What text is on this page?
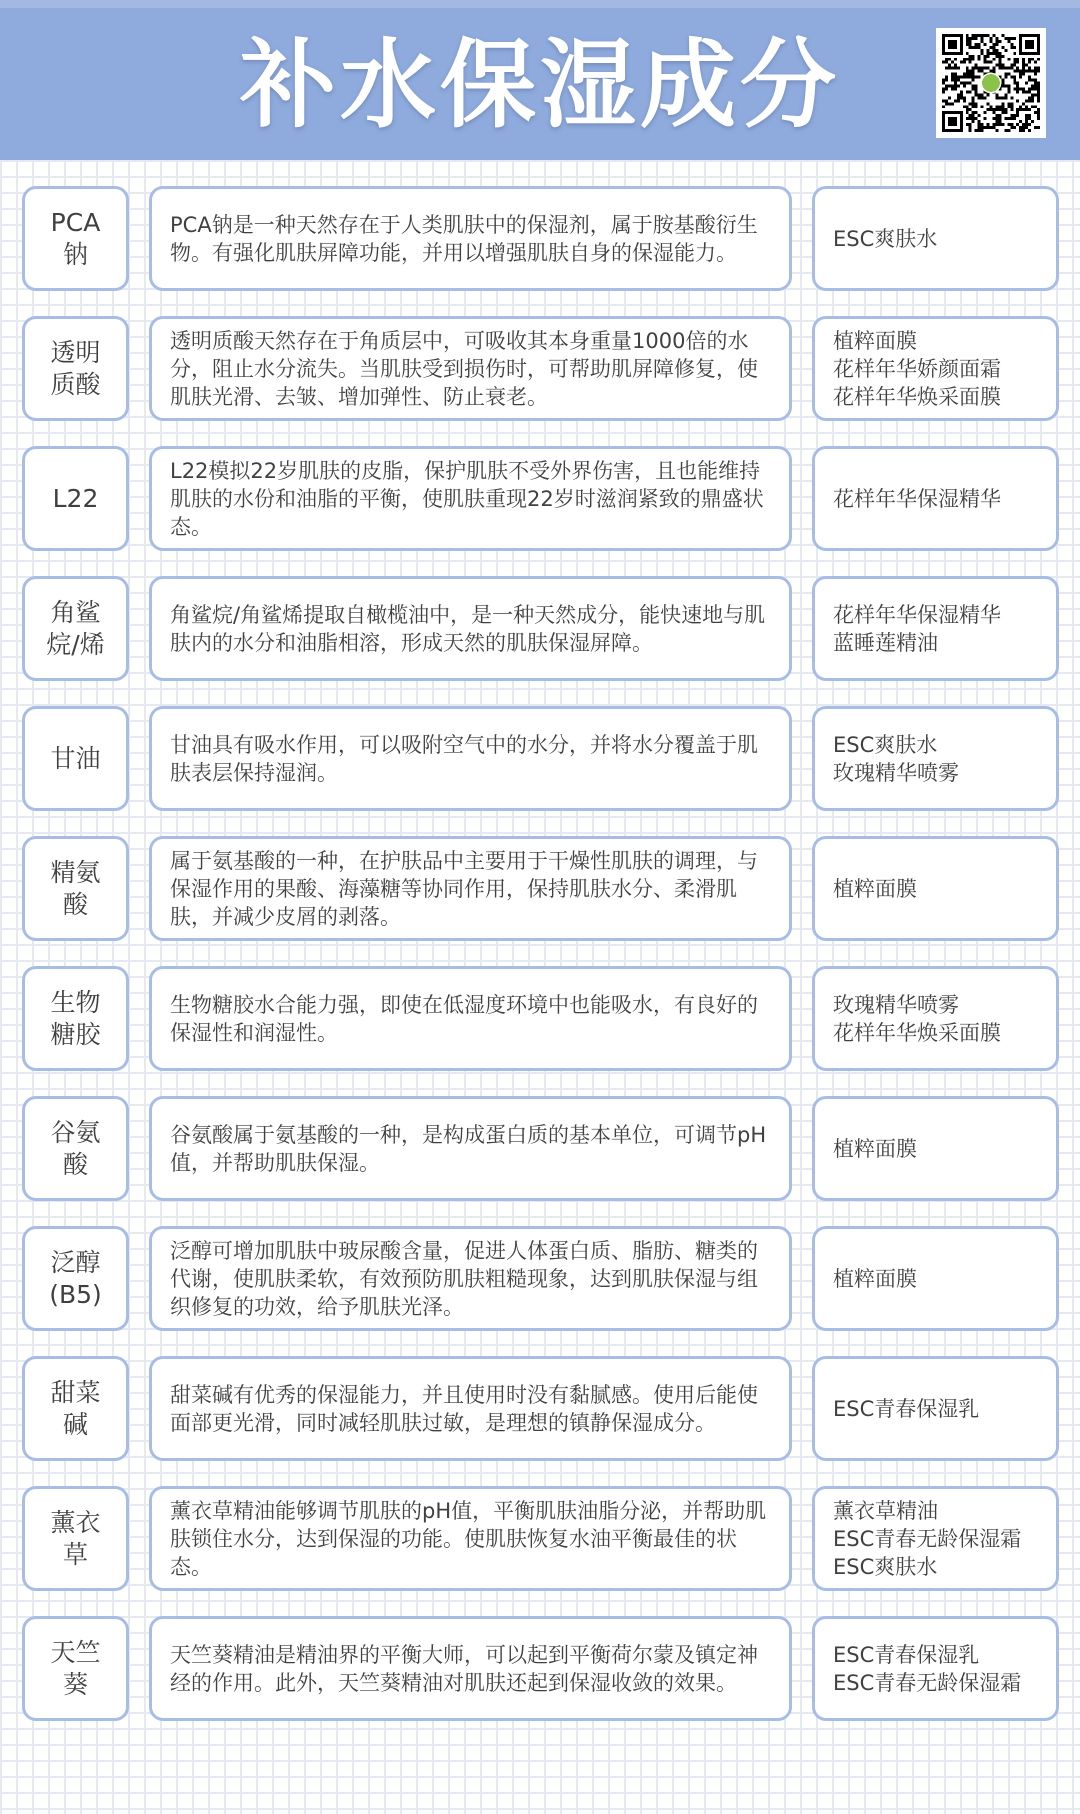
补水保湿成分
PCA
钠
PCA钠是一种天然存在于人类肌肤中的保湿剂，属于胺基酸衍生物。有强化肌肤屏障功能，并用以增强肌肤自身的保湿能力。
ESC爽肤水
透明
质酸
透明质酸天然存在于角质层中，可吸收其本身重量1000倍的水分，阻止水分流失。当肌肤受到损伤时，可帮助肌屏障修复，使肌肤光滑、去皱、增加弹性、防止衰老。
植粹面膜
花样年华娇颜面霜
花样年华焕采面膜
L22
L22模拟22岁肌肤的皮脂，保护肌肤不受外界伤害，且也能维持肌肤的水份和油脂的平衡，使肌肤重现22岁时滋润紧致的鼎盛状态。
花样年华保湿精华
角鲨
烷/烯
角鲨烷/角鲨烯提取自橄榄油中，是一种天然成分，能快速地与肌肤内的水分和油脂相溶，形成天然的肌肤保湿屏障。
花样年华保湿精华
蓝睡莲精油
甘油	甘油具有吸水作用，可以吸附空气中的水分，并将水分覆盖于肌肤表层保持湿润。
ESC爽肤水
玫瑰精华喷雾
精氨
酸
属于氨基酸的一种，在护肤品中主要用于干燥性肌肤的调理，与保湿作用的果酸、海藻糖等协同作用，保持肌肤水分、柔滑肌肤，并减少皮屑的剥落。
植粹面膜
生物
糖胶
生物糖胶水合能力强，即使在低湿度环境中也能吸水，有良好的保湿性和润湿性。
玫瑰精华喷雾
花样年华焕采面膜
谷氨
酸
谷氨酸属于氨基酸的一种，是构成蛋白质的基本单位，可调节pH值，并帮助肌肤保湿。
植粹面膜
泛醇
(B5)
泛醇可增加肌肤中玻尿酸含量，促进人体蛋白质、脂肪、糖类的代谢，使肌肤柔软，有效预防肌肤粗糙现象，达到肌肤保湿与组织修复的功效，给予肌肤光泽。
植粹面膜
甜菜
碱
甜菜碱有优秀的保湿能力，并且使用时没有黏腻感。使用后能使面部更光滑，同时减轻肌肤过敏，是理想的镇静保湿成分。
ESC青春保湿乳
薰衣
草
薰衣草精油能够调节肌肤的pH值，平衡肌肤油脂分泌，并帮助肌肤锁住水分，达到保湿的功能。使肌肤恢复水油平衡最佳的状态。
薰衣草精油
ESC青春无龄保湿霜
ESC爽肤水
天竺
葵
天竺葵精油是精油界的平衡大师，可以起到平衡荷尔蒙及镇定神经的作用。此外，天竺葵精油对肌肤还起到保湿收敛的效果。
ESC青春保湿乳
ESC青春无龄保湿霜
